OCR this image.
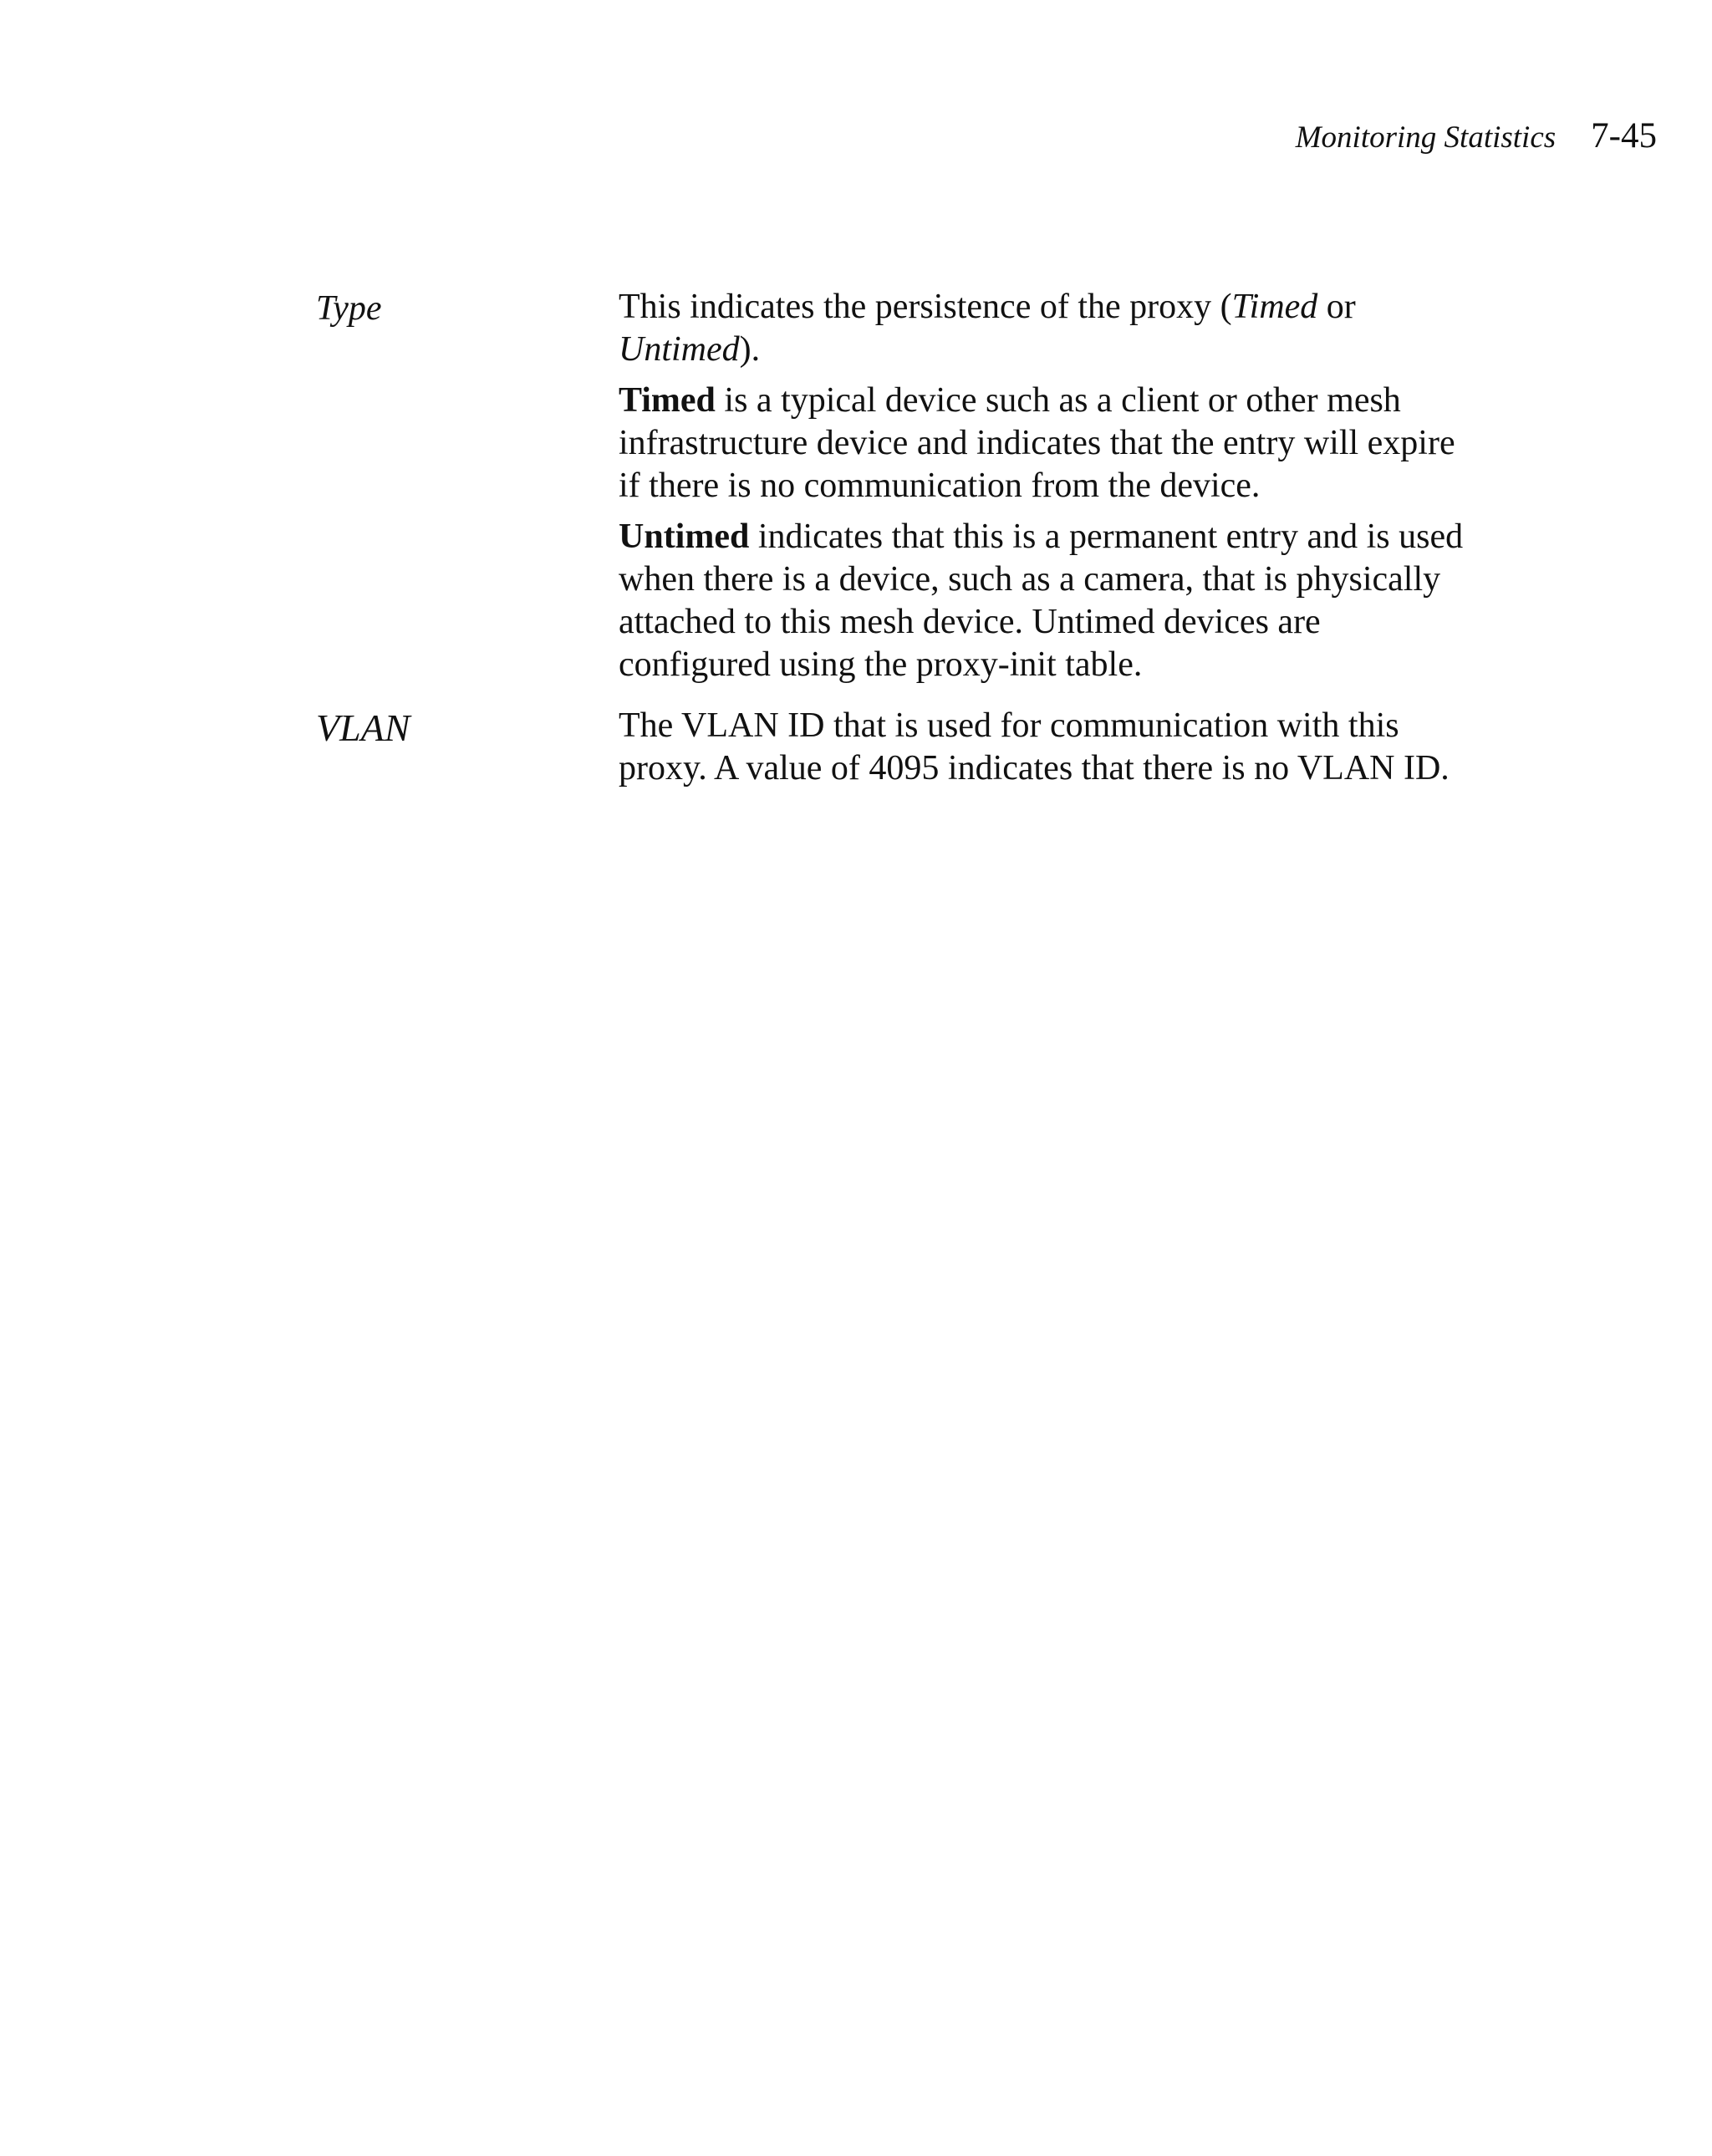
Monitoring Statistics 7-45
Type	This indicates the persistence of the proxy (Timed or
Untimed).

Timed is a typical device such as a client or other mesh infrastructure device and indicates that the entry will expire if there is no communication from the device.

Untimed indicates that this is a permanent entry and is used when there is a device, such as a camera, that is physically attached to this mesh device. Untimed devices are configured using the proxy-init table.

VLAN	The VLAN ID that is used for communication with this proxy. A value of 4095 indicates that there is no VLAN ID.
